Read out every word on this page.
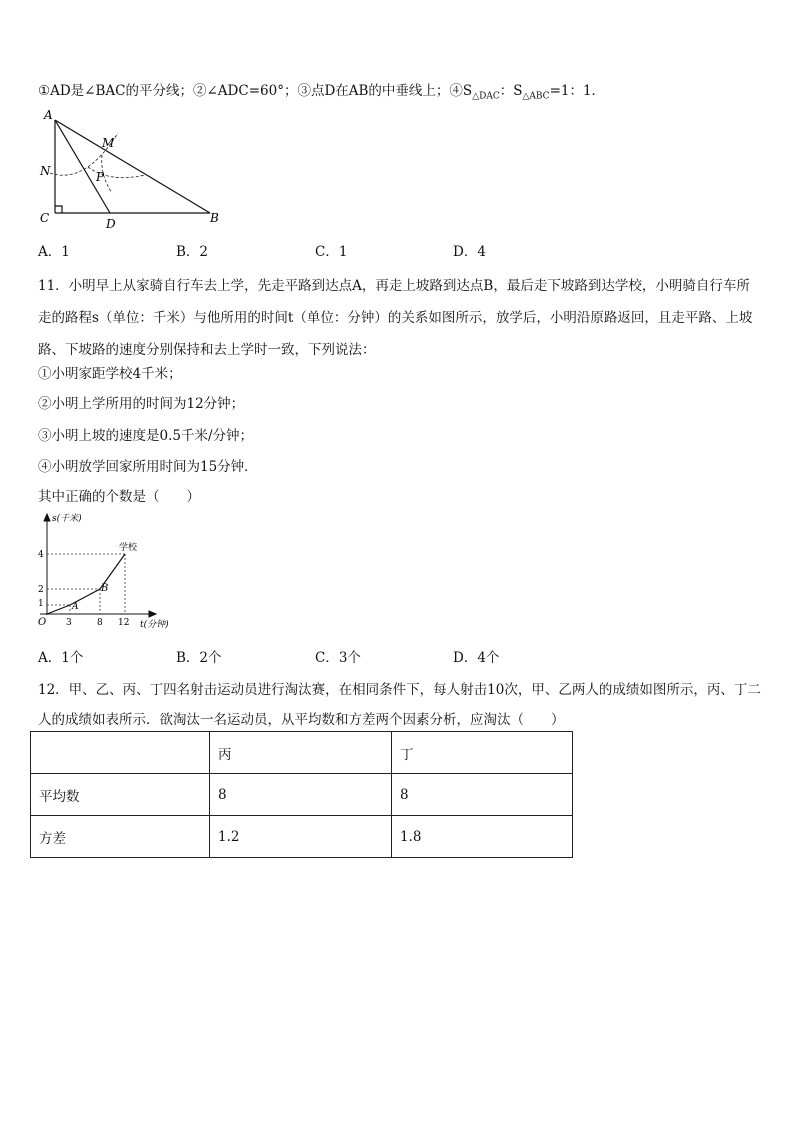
①AD是∠BAC的平分线；②∠ADC=60°；③点D在AB的中垂线上；$④S_{\triangle DAC}$：$S_{\triangle ABC}=1$：1．
A
M
N	P
C	D	B
A．1	B．2	C．1	D．4
11．小明早上从家骑自行车去上学，先走平路到达点A，再走上坡路到达点B，最后走下坡路到达学校，小明骑自行车所走的路程s（单位：千米）与他所用的时间t（单位：分钟）的关系如图所示，放学后，小明沿原路返回，且走平路、上坡路、下坡路的速度分别保持和去上学时一致，下列说法：
①小明家距学校4千米；
②小明上学所用的时间为12分钟；
③小明上坡的速度是0.5千米/分钟；
④小明放学回家所用时间为15分钟．
其中正确的个数是（　　）
s(千米)
t(分钟)
O
4
2
1
3	8 12
A
B
学校
A．1个	B．2个	C．3个	D．4个
12．甲、乙、丙、丁四名射击运动员进行淘汰赛，在相同条件下，每人射击10次，甲、乙两人的成绩如图所示，丙、丁二人的成绩如表所示．欲淘汰一名运动员，从平均数和方差两个因素分析，应淘汰（　　）
	丙	丁
平均数	8	8
方差	1.2	1.8
